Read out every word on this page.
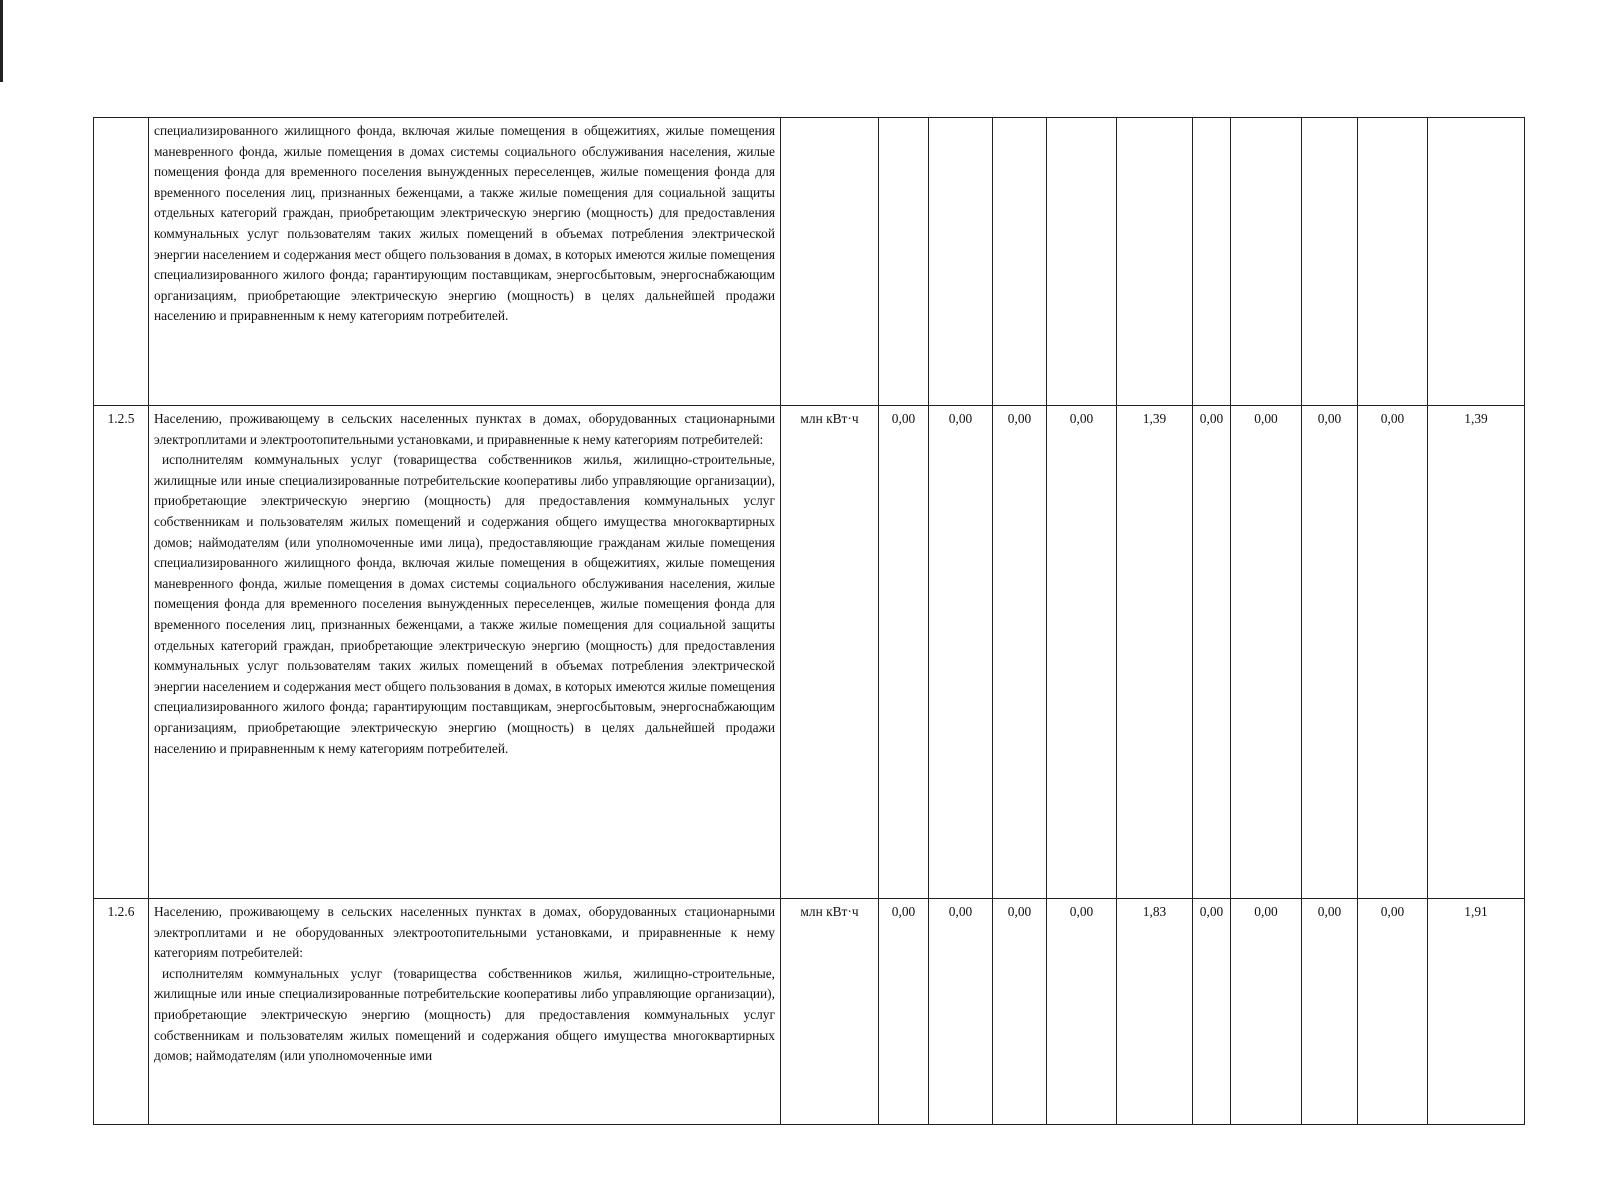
	специализированного жилищного фонда, включая жилые помещения в общежитиях, жилые помещения маневренного фонда, жилые помещения в домах системы социального обслуживания населения, жилые помещения фонда для временного поселения вынужденных переселенцев, жилые помещения фонда для временного поселения лиц, признанных беженцами, а также жилые помещения для социальной защиты отдельных категорий граждан, приобретающим электрическую энергию (мощность) для предоставления коммунальных услуг пользователям таких жилых помещений в объемах потребления электрической энергии населением и содержания мест общего пользования в домах, в которых имеются жилые помещения специализированного жилого фонда; гарантирующим поставщикам, энергосбытовым, энергоснабжающим организациям, приобретающие электрическую энергию (мощность) в целях дальнейшей продажи населению и приравненным к нему категориям потребителей.											

1.2.5	Населению, проживающему в сельских населенных пунктах в домах, оборудованных стационарными электроплитами и электроотопительными установками, и приравненные к нему категориям потребителей:
исполнителям коммунальных услуг (товарищества собственников жилья, жилищно-строительные, жилищные или иные специализированные потребительские кооперативы либо управляющие организации), приобретающие электрическую энергию (мощность) для предоставления коммунальных услуг собственникам и пользователям жилых помещений и содержания общего имущества многоквартирных домов; наймодателям (или уполномоченные ими лица), предоставляющие гражданам жилые помещения специализированного жилищного фонда, включая жилые помещения в общежитиях, жилые помещения маневренного фонда, жилые помещения в домах системы социального обслуживания населения, жилые помещения фонда для временного поселения вынужденных переселенцев, жилые помещения фонда для временного поселения лиц, признанных беженцами, а также жилые помещения для социальной защиты отдельных категорий граждан, приобретающие электрическую энергию (мощность) для предоставления коммунальных услуг пользователям таких жилых помещений в объемах потребления электрической энергии населением и содержания мест общего пользования в домах, в которых имеются жилые помещения специализированного жилого фонда; гарантирующим поставщикам, энергосбытовым, энергоснабжающим организациям, приобретающие электрическую энергию (мощность) в целях дальнейшей продажи населению и приравненным к нему категориям потребителей.	млн кВт·ч	0,00	0,00	0,00	0,00	1,39	0,00	0,00	0,00	0,00	1,39
1.2.6	Населению, проживающему в сельских населенных пунктах в домах, оборудованных стационарными электроплитами и не оборудованных электроотопительными установками, и приравненные к нему категориям потребителей:
исполнителям коммунальных услуг (товарищества собственников жилья, жилищно-строительные, жилищные или иные специализированные потребительские кооперативы либо управляющие организации), приобретающие электрическую энергию (мощность) для предоставления коммунальных услуг собственникам и пользователям жилых помещений и содержания общего имущества многоквартирных домов; наймодателям (или уполномоченные ими	млн кВт·ч	0,00	0,00	0,00	0,00	1,83	0,00	0,00	0,00	0,00	1,91
